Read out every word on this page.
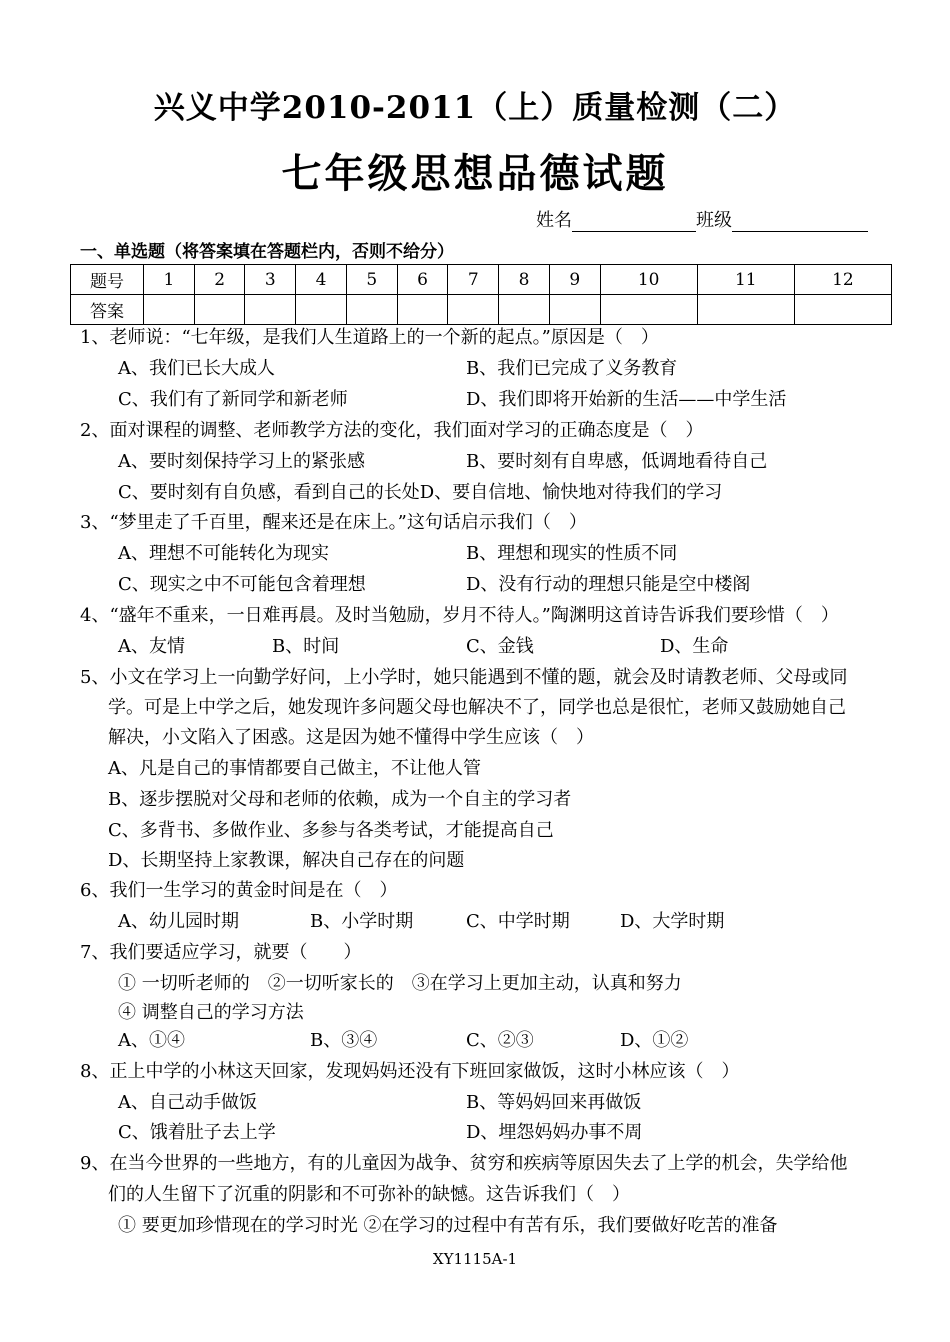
兴义中学2010-2011（上）质量检测（二）
七年级思想品德试题
姓名	班级
一、单选题（将答案填在答题栏内，否则不给分）
题号	1	2	3	4	5	6	7	8	9	10	11	12
答案												
1、老师说：“七年级，是我们人生道路上的一个新的起点。”原因是（　）
A、我们已长大成人	B、我们已完成了义务教育
C、我们有了新同学和新老师	D、我们即将开始新的生活——中学生活
2、面对课程的调整、老师教学方法的变化，我们面对学习的正确态度是（　）
A、要时刻保持学习上的紧张感	B、要时刻有自卑感，低调地看待自己
C、要时刻有自负感，看到自己的长处D、要自信地、愉快地对待我们的学习
3、“梦里走了千百里，醒来还是在床上。”这句话启示我们（　）
A、理想不可能转化为现实	B、理想和现实的性质不同
C、现实之中不可能包含着理想	D、没有行动的理想只能是空中楼阁
4、“盛年不重来，一日难再晨。及时当勉励，岁月不待人。”陶渊明这首诗告诉我们要珍惜（　）
A、友情	B、时间	C、金钱	D、生命
5、小文在学习上一向勤学好问，上小学时，她只能遇到不懂的题，就会及时请教老师、父母或同
学。可是上中学之后，她发现许多问题父母也解决不了，同学也总是很忙，老师又鼓励她自己
解决，小文陷入了困惑。这是因为她不懂得中学生应该（　）
A、凡是自己的事情都要自己做主，不让他人管
B、逐步摆脱对父母和老师的依赖，成为一个自主的学习者
C、多背书、多做作业、多参与各类考试，才能提高自己
D、长期坚持上家教课，解决自己存在的问题
6、我们一生学习的黄金时间是在（　）
A、幼儿园时期	B、小学时期	C、中学时期	D、大学时期
7、我们要适应学习，就要（　　）
① 一切听老师的　②一切听家长的　③在学习上更加主动，认真和努力
④ 调整自己的学习方法
A、①④	B、③④	C、②③	D、①②
8、正上中学的小林这天回家，发现妈妈还没有下班回家做饭，这时小林应该（　）
A、自己动手做饭	B、等妈妈回来再做饭
C、饿着肚子去上学	D、埋怨妈妈办事不周
9、在当今世界的一些地方，有的儿童因为战争、贫穷和疾病等原因失去了上学的机会，失学给他
们的人生留下了沉重的阴影和不可弥补的缺憾。这告诉我们（　）
① 要更加珍惜现在的学习时光 ②在学习的过程中有苦有乐，我们要做好吃苦的准备
XY1115A-1
